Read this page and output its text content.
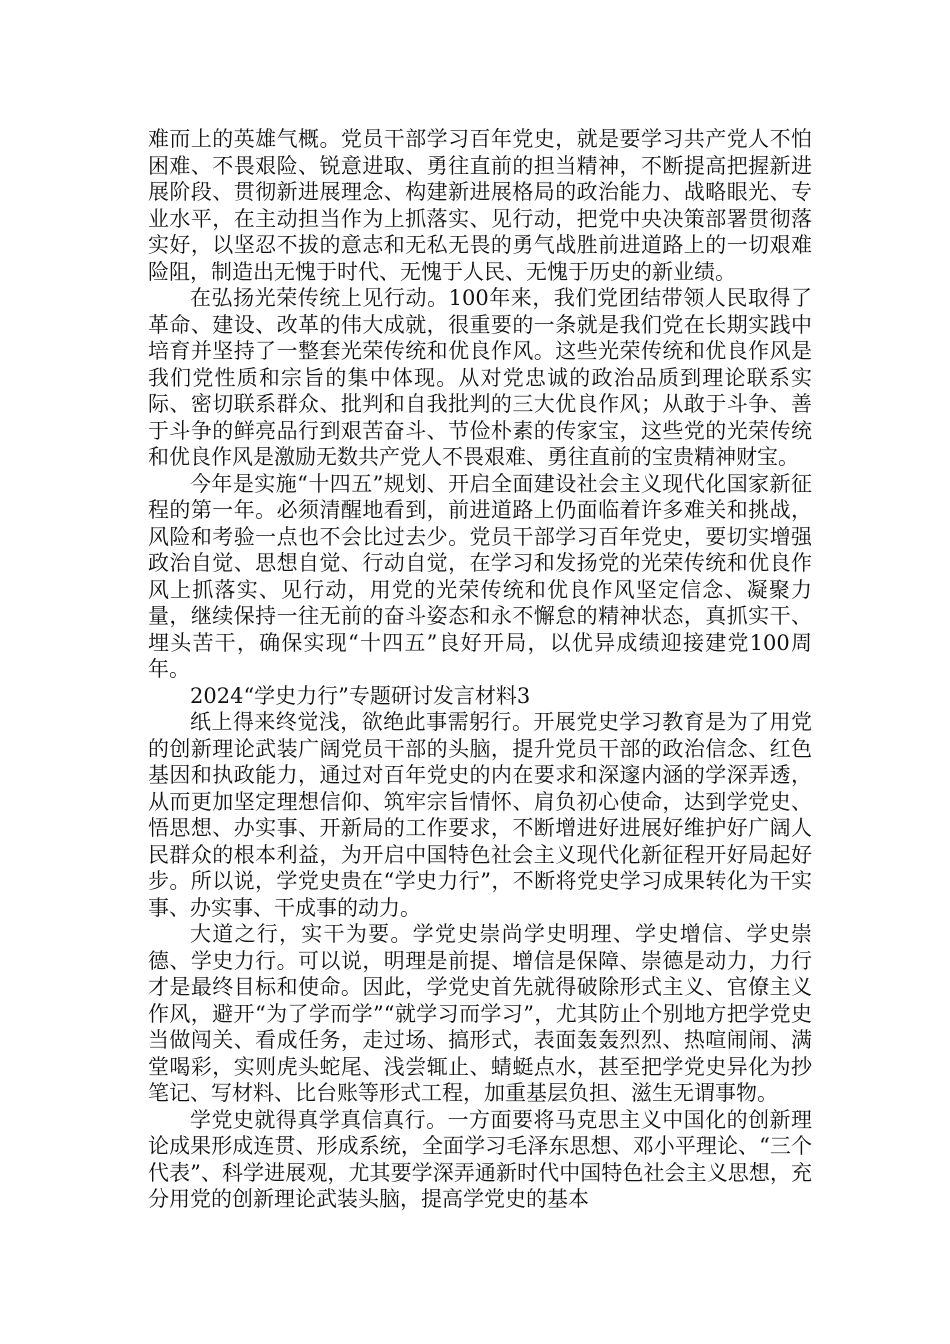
难而上的英雄气概。党员干部学习百年党史，就是要学习共产党人不怕困难、不畏艰险、锐意进取、勇往直前的担当精神，不断提高把握新进展阶段、贯彻新进展理念、构建新进展格局的政治能力、战略眼光、专业水平，在主动担当作为上抓落实、见行动，把党中央决策部署贯彻落实好，以坚忍不拔的意志和无私无畏的勇气战胜前进道路上的一切艰难险阻，制造出无愧于时代、无愧于人民、无愧于历史的新业绩。

在弘扬光荣传统上见行动。100年来，我们党团结带领人民取得了革命、建设、改革的伟大成就，很重要的一条就是我们党在长期实践中培育并坚持了一整套光荣传统和优良作风。这些光荣传统和优良作风是我们党性质和宗旨的集中体现。从对党忠诚的政治品质到理论联系实际、密切联系群众、批判和自我批判的三大优良作风；从敢于斗争、善于斗争的鲜亮品行到艰苦奋斗、节俭朴素的传家宝，这些党的光荣传统和优良作风是激励无数共产党人不畏艰难、勇往直前的宝贵精神财宝。

今年是实施“十四五”规划、开启全面建设社会主义现代化国家新征程的第一年。必须清醒地看到，前进道路上仍面临着许多难关和挑战，风险和考验一点也不会比过去少。党员干部学习百年党史，要切实增强政治自觉、思想自觉、行动自觉，在学习和发扬党的光荣传统和优良作风上抓落实、见行动，用党的光荣传统和优良作风坚定信念、凝聚力量，继续保持一往无前的奋斗姿态和永不懈怠的精神状态，真抓实干、埋头苦干，确保实现“十四五”良好开局，以优异成绩迎接建党100周年。

2024“学史力行”专题研讨发言材料3

纸上得来终觉浅，欲绝此事需躬行。开展党史学习教育是为了用党的创新理论武装广阔党员干部的头脑，提升党员干部的政治信念、红色基因和执政能力，通过对百年党史的内在要求和深邃内涵的学深弄透，从而更加坚定理想信仰、筑牢宗旨情怀、肩负初心使命，达到学党史、悟思想、办实事、开新局的工作要求，不断增进好进展好维护好广阔人民群众的根本利益，为开启中国特色社会主义现代化新征程开好局起好步。所以说，学党史贵在“学史力行”，不断将党史学习成果转化为干实事、办实事、干成事的动力。

大道之行，实干为要。学党史崇尚学史明理、学史增信、学史崇德、学史力行。可以说，明理是前提、增信是保障、崇德是动力，力行才是最终目标和使命。因此，学党史首先就得破除形式主义、官僚主义作风，避开“为了学而学”“就学习而学习”，尤其防止个别地方把学党史当做闯关、看成任务，走过场、搞形式，表面轰轰烈烈、热喧闹闹、满堂喝彩，实则虎头蛇尾、浅尝辄止、蜻蜓点水，甚至把学党史异化为抄笔记、写材料、比台账等形式工程，加重基层负担、滋生无谓事物。

学党史就得真学真信真行。一方面要将马克思主义中国化的创新理论成果形成连贯、形成系统，全面学习毛泽东思想、邓小平理论、“三个代表”、科学进展观，尤其要学深弄通新时代中国特色社会主义思想，充分用党的创新理论武装头脑，提高学党史的基本
